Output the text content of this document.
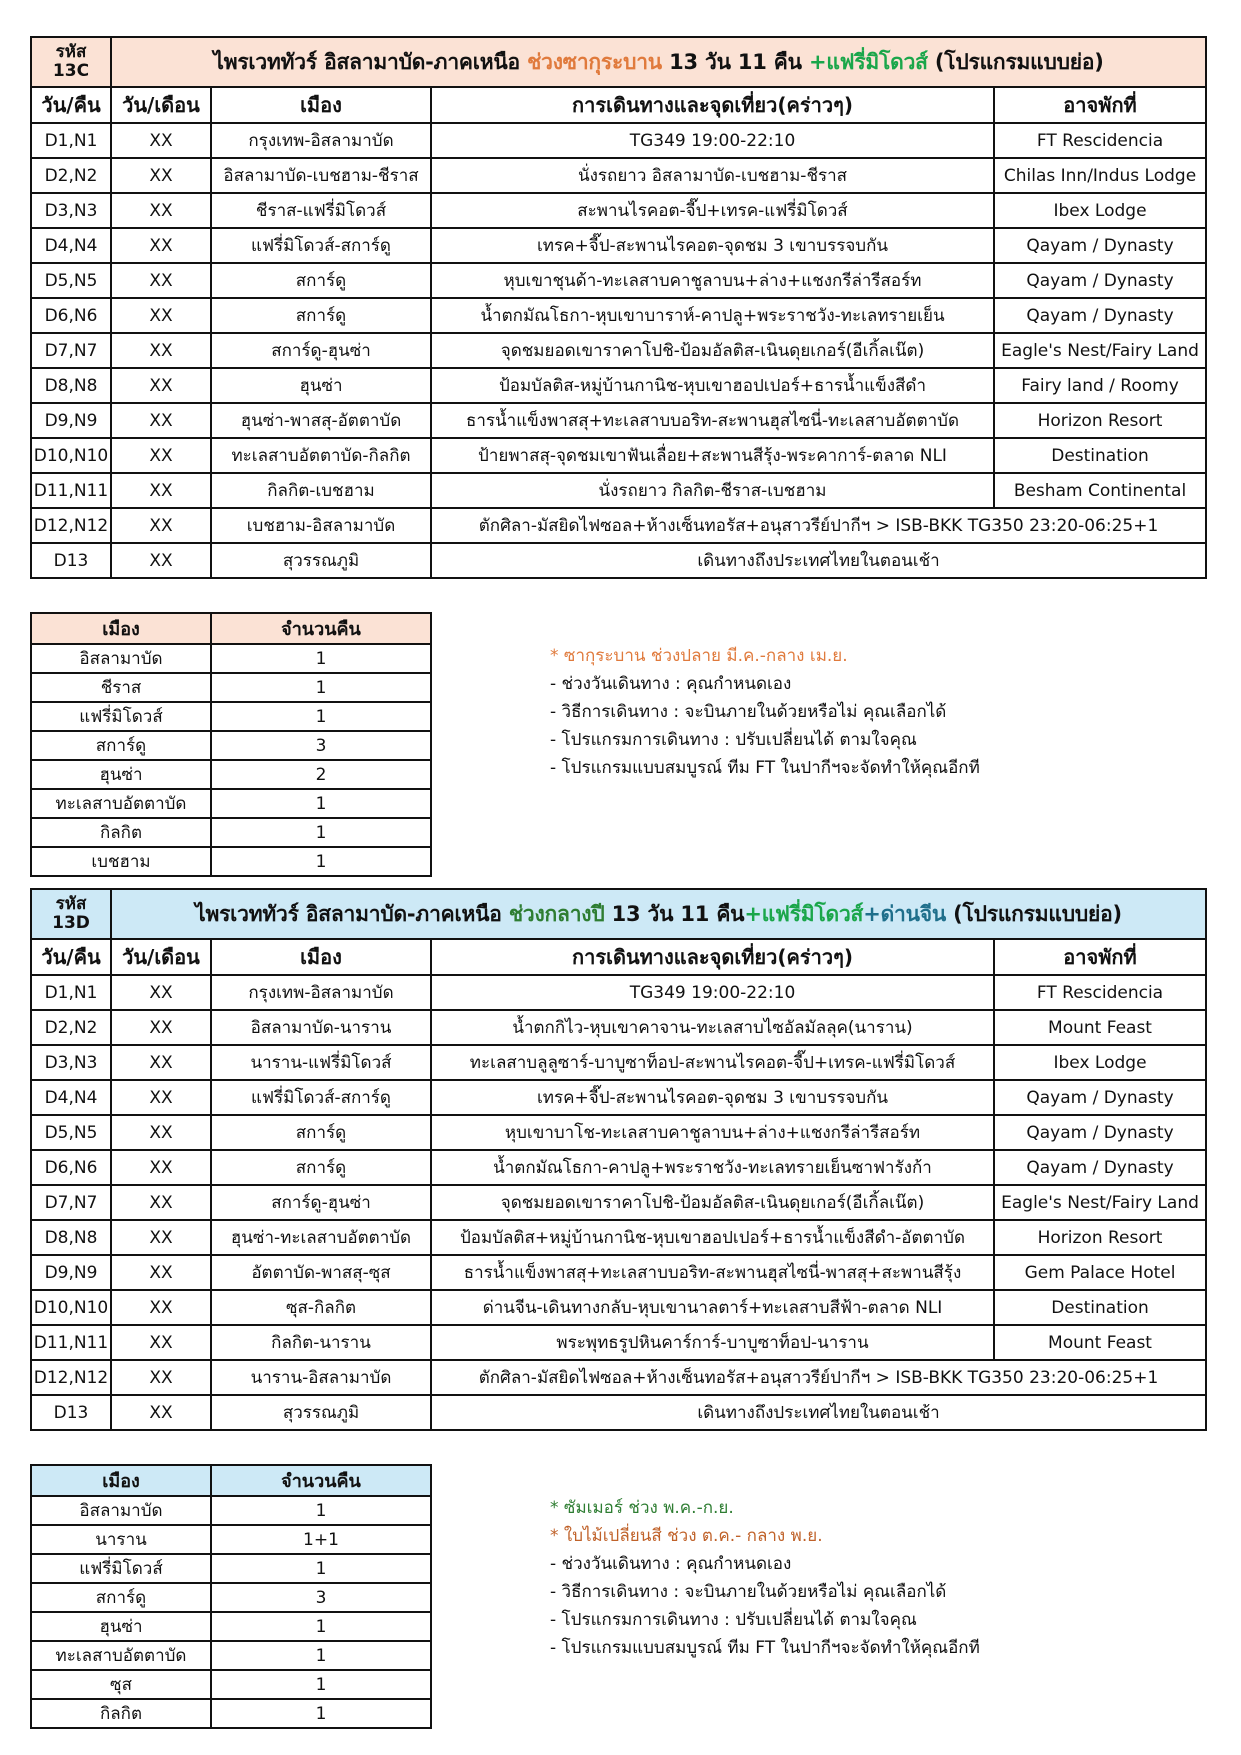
รหัส
13C	ไพรเวททัวร์ อิสลามาบัด-ภาคเหนือ ช่วงซากุระบาน 13 วัน 11 คืน +แฟรี่มิโดวส์ (โปรแกรมแบบย่อ)			
วัน/คืน	วัน/เดือน	เมือง	การเดินทางและจุดเที่ยว(คร่าวๆ)	อาจพักที่
D1,N1	XX	กรุงเทพ-อิสลามาบัด	TG349 19:00-22:10	FT Rescidencia
D2,N2	XX	อิสลามาบัด-เบชฮาม-ชีราส	นั่งรถยาว อิสลามาบัด-เบชฮาม-ชีราส	Chilas Inn/Indus Lodge
D3,N3	XX	ชีราส-แฟรี่มิโดวส์	สะพานไรคอต-จี๊ป+เทรค-แฟรี่มิโดวส์	Ibex Lodge
D4,N4	XX	แฟรี่มิโดวส์-สการ์ดู	เทรค+จี๊ป-สะพานไรคอต-จุดชม 3 เขาบรรจบกัน	Qayam / Dynasty
D5,N5	XX	สการ์ดู	หุบเขาชุนด้า-ทะเลสาบคาชูลาบน+ล่าง+แชงกรีล่ารีสอร์ท	Qayam / Dynasty
D6,N6	XX	สการ์ดู	น้ำตกมัณโธกา-หุบเขาบาราห์-คาปลู+พระราชวัง-ทะเลทรายเย็น	Qayam / Dynasty
D7,N7	XX	สการ์ดู-ฮุนซ่า	จุดชมยอดเขาราคาโปชิ-ป้อมอัลติส-เนินดุยเกอร์(อีเกิ้ลเน๊ต)	Eagle's Nest/Fairy Land
D8,N8	XX	ฮุนซ่า	ป้อมบัลติส-หมู่บ้านกานิช-หุบเขาฮอปเปอร์+ธารน้ำแข็งสีดำ	Fairy land / Roomy
D9,N9	XX	ฮุนซ่า-พาสสุ-อัตตาบัด	ธารน้ำแข็งพาสสุ+ทะเลสาบบอริท-สะพานฮุสไซนี่-ทะเลสาบอัตตาบัด	Horizon Resort
D10,N10	XX	ทะเลสาบอัตตาบัด-กิลกิต	ป้ายพาสสุ-จุดชมเขาฟันเลื่อย+สะพานสีรุ้ง-พระคาการ์-ตลาด NLI	Destination
D11,N11	XX	กิลกิต-เบชฮาม	นั่งรถยาว กิลกิต-ชีราส-เบชฮาม	Besham Continental
D12,N12	XX	เบชฮาม-อิสลามาบัด	ตักศิลา-มัสยิดไฟซอล+ห้างเซ็นทอรัส+อนุสาวรีย์ปากีฯ > ISB-BKK TG350 23:20-06:25+1	
D13	XX	สุวรรณภูมิ	เดินทางถึงประเทศไทยในตอนเช้า	
เมือง	จำนวนคืน
อิสลามาบัด	1
ชีราส	1
แฟรี่มิโดวส์	1
สการ์ดู	3
ฮุนซ่า	2
ทะเลสาบอัตตาบัด	1
กิลกิต	1
เบชฮาม	1
* ซากุระบาน ช่วงปลาย มี.ค.-กลาง เม.ย.
- ช่วงวันเดินทาง : คุณกำหนดเอง
- วิธีการเดินทาง : จะบินภายในด้วยหรือไม่ คุณเลือกได้
- โปรแกรมการเดินทาง : ปรับเปลี่ยนได้ ตามใจคุณ
- โปรแกรมแบบสมบูรณ์ ทีม FT ในปากีฯจะจัดทำให้คุณอีกที
รหัส
13D	ไพรเวททัวร์ อิสลามาบัด-ภาคเหนือ ช่วงกลางปี 13 วัน 11 คืน+แฟรี่มิโดวส์+ด่านจีน (โปรแกรมแบบย่อ)			
วัน/คืน	วัน/เดือน	เมือง	การเดินทางและจุดเที่ยว(คร่าวๆ)	อาจพักที่
D1,N1	XX	กรุงเทพ-อิสลามาบัด	TG349 19:00-22:10	FT Rescidencia
D2,N2	XX	อิสลามาบัด-นาราน	น้ำตกกิไว-หุบเขาคาจาน-ทะเลสาบไซอัลมัลลุค(นาราน)	Mount Feast
D3,N3	XX	นาราน-แฟรี่มิโดวส์	ทะเลสาบลูลูซาร์-บาบูซาท็อป-สะพานไรคอต-จี๊ป+เทรค-แฟรี่มิโดวส์	Ibex Lodge
D4,N4	XX	แฟรี่มิโดวส์-สการ์ดู	เทรค+จี๊ป-สะพานไรคอต-จุดชม 3 เขาบรรจบกัน	Qayam / Dynasty
D5,N5	XX	สการ์ดู	หุบเขาบาโช-ทะเลสาบคาชูลาบน+ล่าง+แชงกรีล่ารีสอร์ท	Qayam / Dynasty
D6,N6	XX	สการ์ดู	น้ำตกมัณโธกา-คาปลู+พระราชวัง-ทะเลทรายเย็นซาฟารังก้า	Qayam / Dynasty
D7,N7	XX	สการ์ดู-ฮุนซ่า	จุดชมยอดเขาราคาโปชิ-ป้อมอัลติส-เนินดุยเกอร์(อีเกิ้ลเน๊ต)	Eagle's Nest/Fairy Land
D8,N8	XX	ฮุนซ่า-ทะเลสาบอัตตาบัด	ป้อมบัลติส+หมู่บ้านกานิช-หุบเขาฮอปเปอร์+ธารน้ำแข็งสีดำ-อัตตาบัด	Horizon Resort
D9,N9	XX	อัตตาบัด-พาสสุ-ซุส	ธารน้ำแข็งพาสสุ+ทะเลสาบบอริท-สะพานฮุสไซนี่-พาสสุ+สะพานสีรุ้ง	Gem Palace Hotel
D10,N10	XX	ซุส-กิลกิต	ด่านจีน-เดินทางกลับ-หุบเขานาลตาร์+ทะเลสาบสีฟ้า-ตลาด NLI	Destination
D11,N11	XX	กิลกิต-นาราน	พระพุทธรูปหินคาร์การ์-บาบูซาท็อป-นาราน	Mount Feast
D12,N12	XX	นาราน-อิสลามาบัด	ตักศิลา-มัสยิดไฟซอล+ห้างเซ็นทอรัส+อนุสาวรีย์ปากีฯ > ISB-BKK TG350 23:20-06:25+1	
D13	XX	สุวรรณภูมิ	เดินทางถึงประเทศไทยในตอนเช้า	
เมือง	จำนวนคืน
อิสลามาบัด	1
นาราน	1+1
แฟรี่มิโดวส์	1
สการ์ดู	3
ฮุนซ่า	1
ทะเลสาบอัตตาบัด	1
ซุส	1
กิลกิต	1
* ซัมเมอร์ ช่วง พ.ค.-ก.ย.
* ใบไม้เปลี่ยนสี ช่วง ต.ค.- กลาง พ.ย.
- ช่วงวันเดินทาง : คุณกำหนดเอง
- วิธีการเดินทาง : จะบินภายในด้วยหรือไม่ คุณเลือกได้
- โปรแกรมการเดินทาง : ปรับเปลี่ยนได้ ตามใจคุณ
- โปรแกรมแบบสมบูรณ์ ทีม FT ในปากีฯจะจัดทำให้คุณอีกที
